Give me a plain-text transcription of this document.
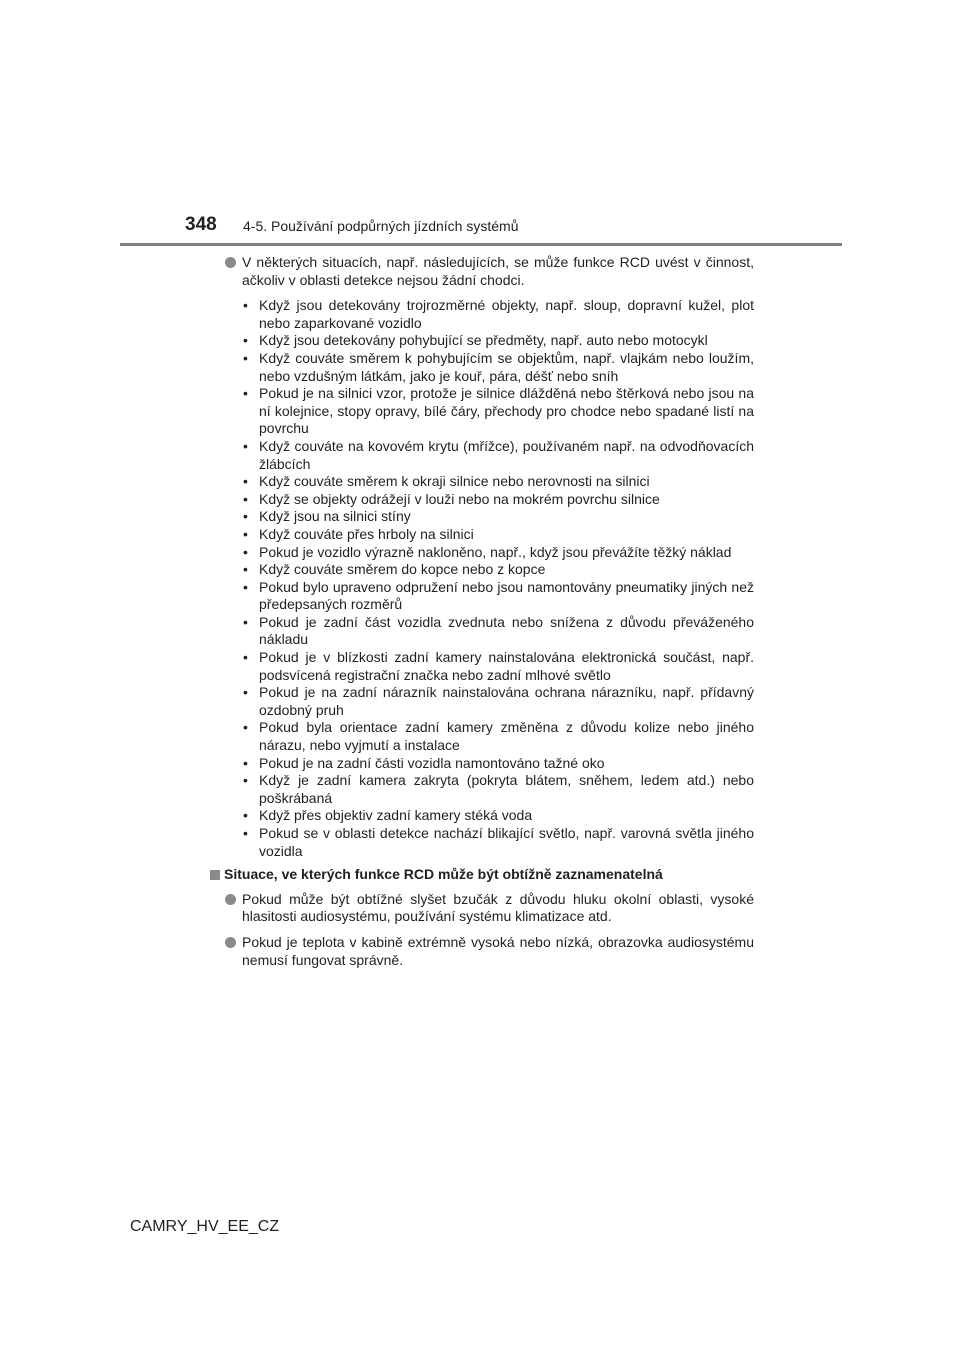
348 4-5. Používání podpůrných jízdních systémů
V některých situacích, např. následujících, se může funkce RCD uvést v činnost, ačkoliv v oblasti detekce nejsou žádní chodci.
• Když jsou detekovány trojrozměrné objekty, např. sloup, dopravní kužel, plot nebo zaparkované vozidlo
• Když jsou detekovány pohybující se předměty, např. auto nebo motocykl
• Když couváte směrem k pohybujícím se objektům, např. vlajkám nebo loužím, nebo vzdušným látkám, jako je kouř, pára, déšť nebo sníh
• Pokud je na silnici vzor, protože je silnice dlážděná nebo štěrková nebo jsou na ní kolejnice, stopy opravy, bílé čáry, přechody pro chodce nebo spadané listí na povrchu
• Když couváte na kovovém krytu (mřížce), používaném např. na odvodňovacích žlábcích
• Když couváte směrem k okraji silnice nebo nerovnosti na silnici
• Když se objekty odrážejí v louži nebo na mokrém povrchu silnice
• Když jsou na silnici stíny
• Když couváte přes hrboly na silnici
• Pokud je vozidlo výrazně nakloněno, např., když jsou převážíte těžký náklad
• Když couváte směrem do kopce nebo z kopce
• Pokud bylo upraveno odpružení nebo jsou namontovány pneumatiky jiných než předepsaných rozměrů
• Pokud je zadní část vozidla zvednuta nebo snížena z důvodu převáženého nákladu
• Pokud je v blízkosti zadní kamery nainstalována elektronická součást, např. podsvícená registrační značka nebo zadní mlhové světlo
• Pokud je na zadní nárazník nainstalována ochrana nárazníku, např. přídavný ozdobný pruh
• Pokud byla orientace zadní kamery změněna z důvodu kolize nebo jiného nárazu, nebo vyjmutí a instalace
• Pokud je na zadní části vozidla namontováno tažné oko
• Když je zadní kamera zakryta (pokryta blátem, sněhem, ledem atd.) nebo poškrábaná
• Když přes objektiv zadní kamery stéká voda
• Pokud se v oblasti detekce nachází blikající světlo, např. varovná světla jiného vozidla
Situace, ve kterých funkce RCD může být obtížně zaznamenatelná
Pokud může být obtížné slyšet bzučák z důvodu hluku okolní oblasti, vysoké hlasitosti audiosystému, používání systému klimatizace atd.
Pokud je teplota v kabině extrémně vysoká nebo nízká, obrazovka audiosystému nemusí fungovat správně.
CAMRY_HV_EE_CZ
